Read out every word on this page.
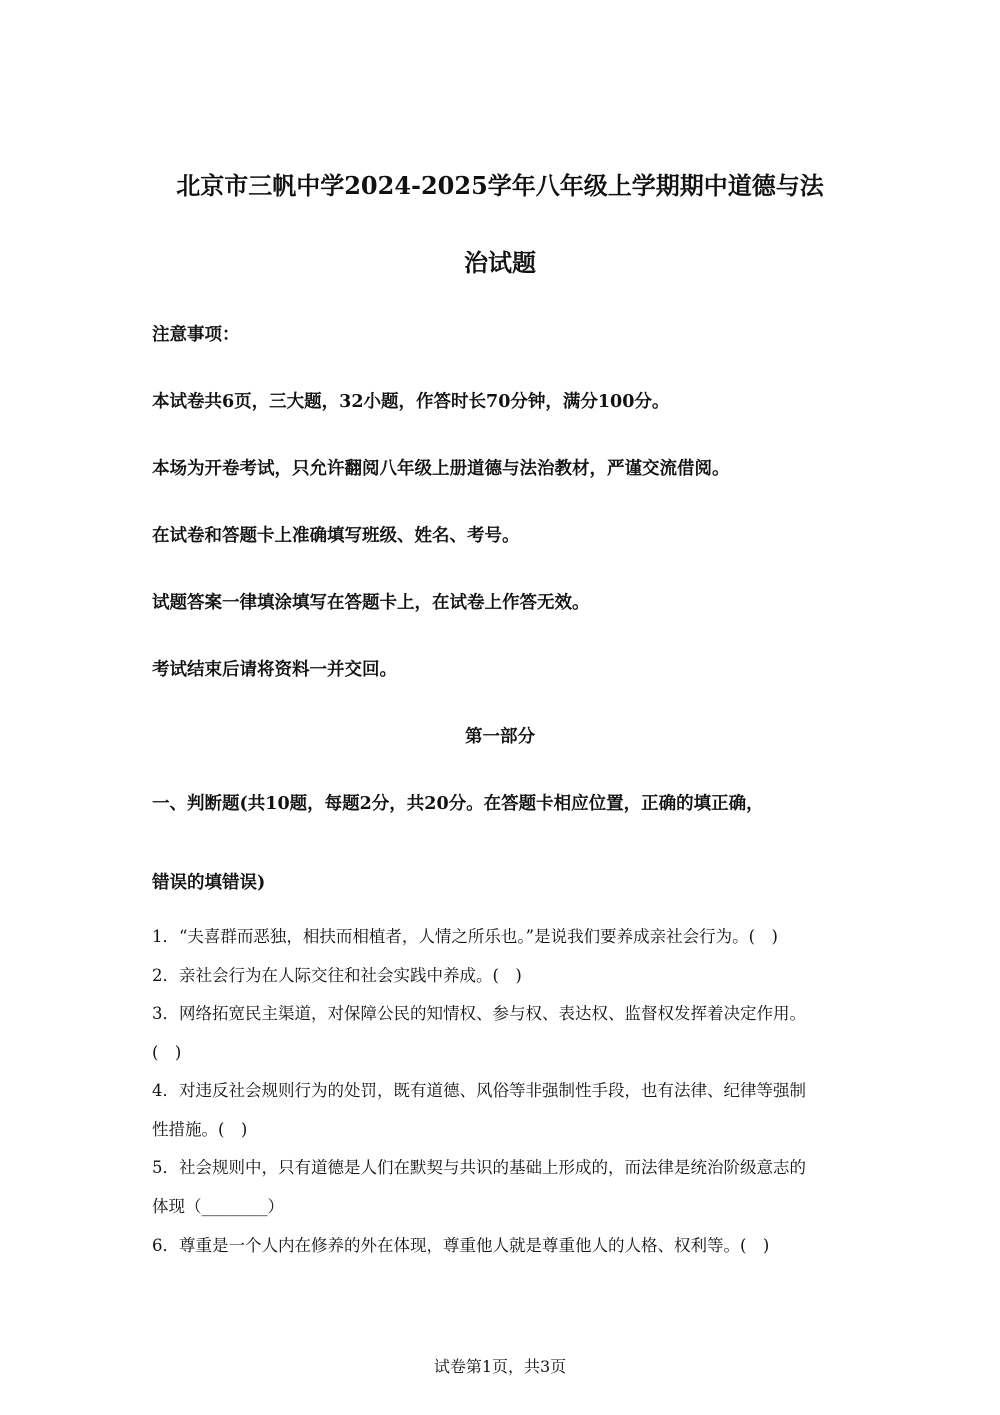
北京市三帆中学2024-2025学年八年级上学期期中道德与法
治试题
注意事项：
本试卷共6页，三大题，32小题，作答时长70分钟，满分100分。
本场为开卷考试，只允许翻阅八年级上册道德与法治教材，严谨交流借阅。
在试卷和答题卡上准确填写班级、姓名、考号。
试题答案一律填涂填写在答题卡上，在试卷上作答无效。
考试结束后请将资料一并交回。
第一部分
一、判断题(共10题，每题2分，共20分。在答题卡相应位置，正确的填正确，
错误的填错误)
1．“夫喜群而恶独，相扶而相植者，人情之所乐也。”是说我们要养成亲社会行为。(　)
2．亲社会行为在人际交往和社会实践中养成。(　)
3．网络拓宽民主渠道，对保障公民的知情权、参与权、表达权、监督权发挥着决定作用。
(　)
4．对违反社会规则行为的处罚，既有道德、风俗等非强制性手段，也有法律、纪律等强制
性措施。(　)
5．社会规则中，只有道德是人们在默契与共识的基础上形成的，而法律是统治阶级意志的
体现（________）
6．尊重是一个人内在修养的外在体现，尊重他人就是尊重他人的人格、权利等。(　)
试卷第1页，共3页
